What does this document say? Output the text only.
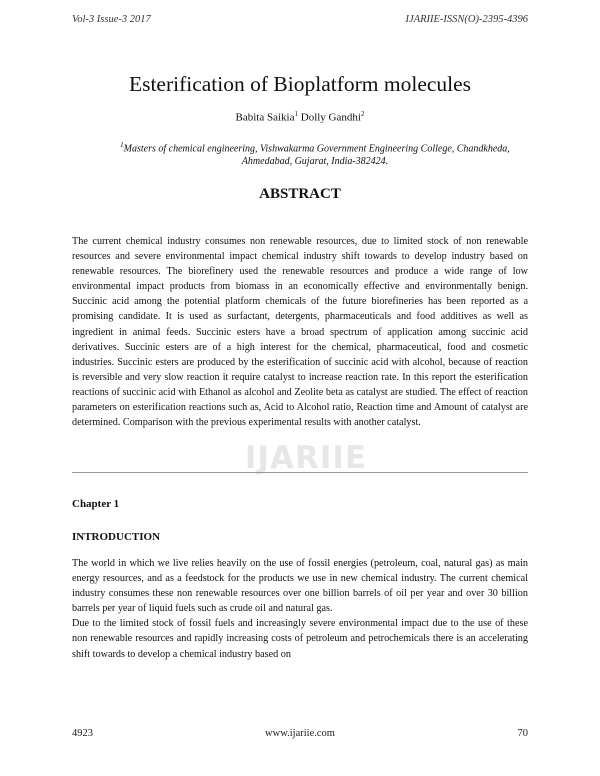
Vol-3 Issue-3 2017	IJARIIE-ISSN(O)-2395-4396
Esterification of Bioplatform molecules
Babita Saikia$^1$ Dolly Gandhi$^2$
$^1$Masters of chemical engineering, Vishwakarma Government Engineering College, Chandkheda, Ahmedabad, Gujarat, India-382424.
ABSTRACT
The current chemical industry consumes non renewable resources, due to limited stock of non renewable resources and severe environmental impact chemical industry shift towards to develop industry based on renewable resources. The biorefinery used the renewable resources and produce a wide range of low environmental impact products from biomass in an economically effective and environmentally benign. Succinic acid among the potential platform chemicals of the future biorefineries has been reported as a promising candidate. It is used as surfactant, detergents, pharmaceuticals and food additives as well as ingredient in animal feeds. Succinic esters have a broad spectrum of application among succinic acid derivatives. Succinic esters are of a high interest for the chemical, pharmaceutical, food and cosmetic industries. Succinic esters are produced by the esterification of succinic acid with alcohol, because of reaction is reversible and very slow reaction it require catalyst to increase reaction rate. In this report the esterification reactions of succinic acid with Ethanol as alcohol and Zeolite beta as catalyst are studied. The effect of reaction parameters on esterification reactions such as, Acid to Alcohol ratio, Reaction time and Amount of catalyst are determined. Comparison with the previous experimental results with another catalyst.
IJARIIE
Chapter 1
INTRODUCTION

The world in which we live relies heavily on the use of fossil energies (petroleum, coal, natural gas) as main energy resources, and as a feedstock for the products we use in new chemical industry. The current chemical industry consumes these non renewable resources over one billion barrels of oil per year and over 30 billion barrels per year of liquid fuels such as crude oil and natural gas.

Due to the limited stock of fossil fuels and increasingly severe environmental impact due to the use of these non renewable resources and rapidly increasing costs of petroleum and petrochemicals there is an accelerating shift towards to develop a chemical industry based on

4923	www.ijariie.com	70
